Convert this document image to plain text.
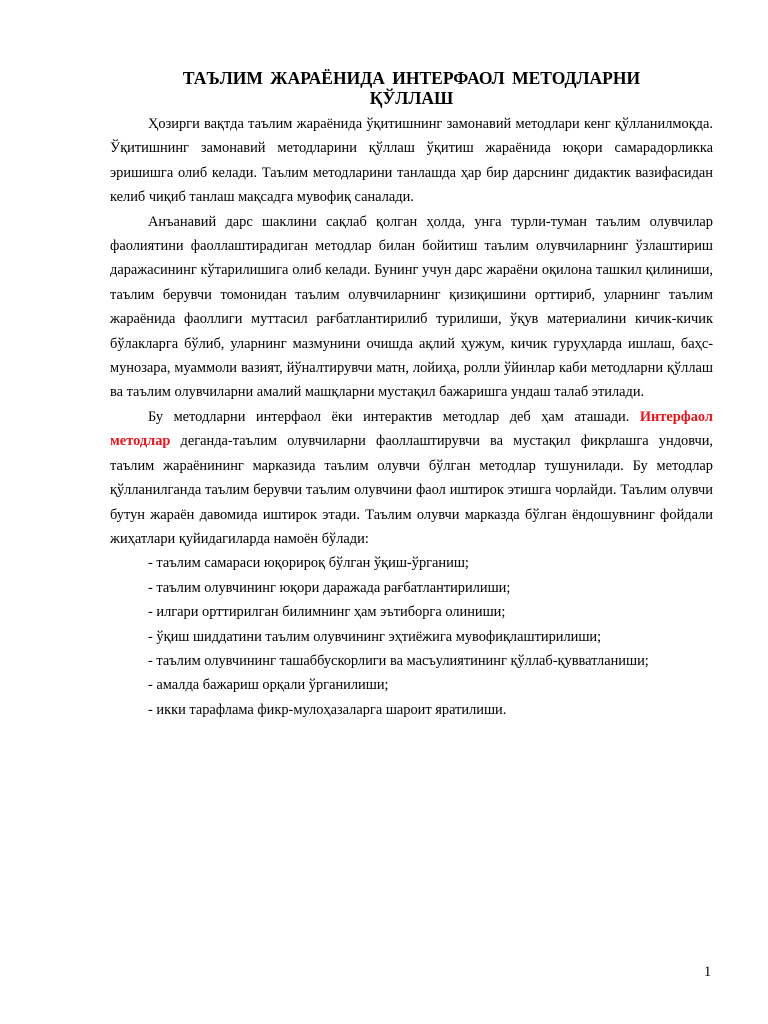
ТАЪЛИМ ЖАРАЁНИДА ИНТЕРФАОЛ МЕТОДЛАРНИ
ҚЎЛЛАШ

Ҳозирги вақтда таълим жараёнида ўқитишнинг замонавий методлари кенг қўлланилмоқда. Ўқитишнинг замонавий методларини қўллаш ўқитиш жараёнида юқори самарадорликка эришишга олиб келади. Таълим методларини танлашда ҳар бир дарснинг дидактик вазифасидан келиб чиқиб танлаш мақсадга мувофиқ саналади.

Анъанавий дарс шаклини сақлаб қолган ҳолда, унга турли-туман таълим олувчилар фаолиятини фаоллаштирадиган методлар билан бойитиш таълим олувчиларнинг ўзлаштириш даражасининг кўтарилишига олиб келади. Бунинг учун дарс жараёни оқилона ташкил қилиниши, таълим берувчи томонидан таълим олувчиларнинг қизиқишини орттириб, уларнинг таълим жараёнида фаоллиги муттасил рағбатлантирилиб турилиши, ўқув материалини кичик-кичик бўлакларга бўлиб, уларнинг мазмунини очишда ақлий ҳужум, кичик гуруҳларда ишлаш, баҳс-мунозара, муаммоли вазият, йўналтирувчи матн, лойиҳа, ролли ўйинлар каби методларни қўллаш ва таълим олувчиларни амалий машқларни мустақил бажаришга ундаш талаб этилади.

Бу методларни интерфаол ёки интерактив методлар деб ҳам аташади. Интерфаол методлар деганда-таълим олувчиларни фаоллаштирувчи ва мустақил фикрлашга ундовчи, таълим жараёнининг марказида таълим олувчи бўлган методлар тушунилади. Бу методлар қўлланилганда таълим берувчи таълим олувчини фаол иштирок этишга чорлайди. Таълим олувчи бутун жараён давомида иштирок этади. Таълим олувчи марказда бўлган ёндошувнинг фойдали жиҳатлари қуйидагиларда намоён бўлади:

- таълим самараси юқорироқ бўлган ўқиш-ўрганиш;
- таълим олувчининг юқори даражада рағбатлантирилиши;
- илгари орттирилган билимнинг ҳам эътиборга олиниши;
- ўқиш шиддатини таълим олувчининг эҳтиёжига мувофиқлаштирилиши;
- таълим олувчининг ташаббускорлиги ва масъулиятининг қўллаб-қувватланиши;
- амалда бажариш орқали ўрганилиши;
- икки тарафлама фикр-мулоҳазаларга шароит яратилиши.
1
